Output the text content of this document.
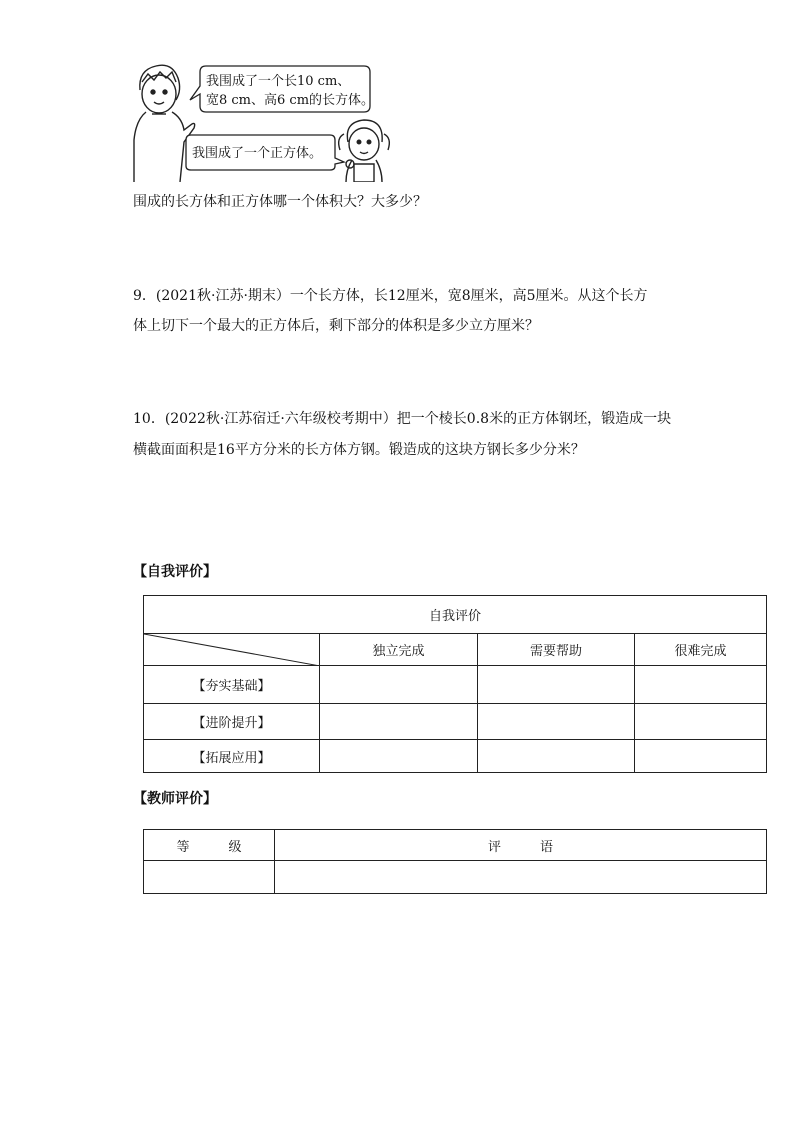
我围成了一个长10 cm、
宽8 cm、高6 cm的长方体。
我围成了一个正方体。
围成的长方体和正方体哪一个体积大？大多少？
9．(2021秋·江苏·期末）一个长方体，长12厘米，宽8厘米，高5厘米。从这个长方
体上切下一个最大的正方体后，剩下部分的体积是多少立方厘米？
10．(2022秋·江苏宿迁·六年级校考期中）把一个棱长0.8米的正方体钢坯，锻造成一块
横截面面积是16平方分米的长方体方钢。锻造成的这块方钢长多少分米？
【自我评价】
自我评价			

	独立完成	需要帮助	很难完成
【夯实基础】			
【进阶提升】			
【拓展应用】			
【教师评价】
等　　　级	评　　　语
